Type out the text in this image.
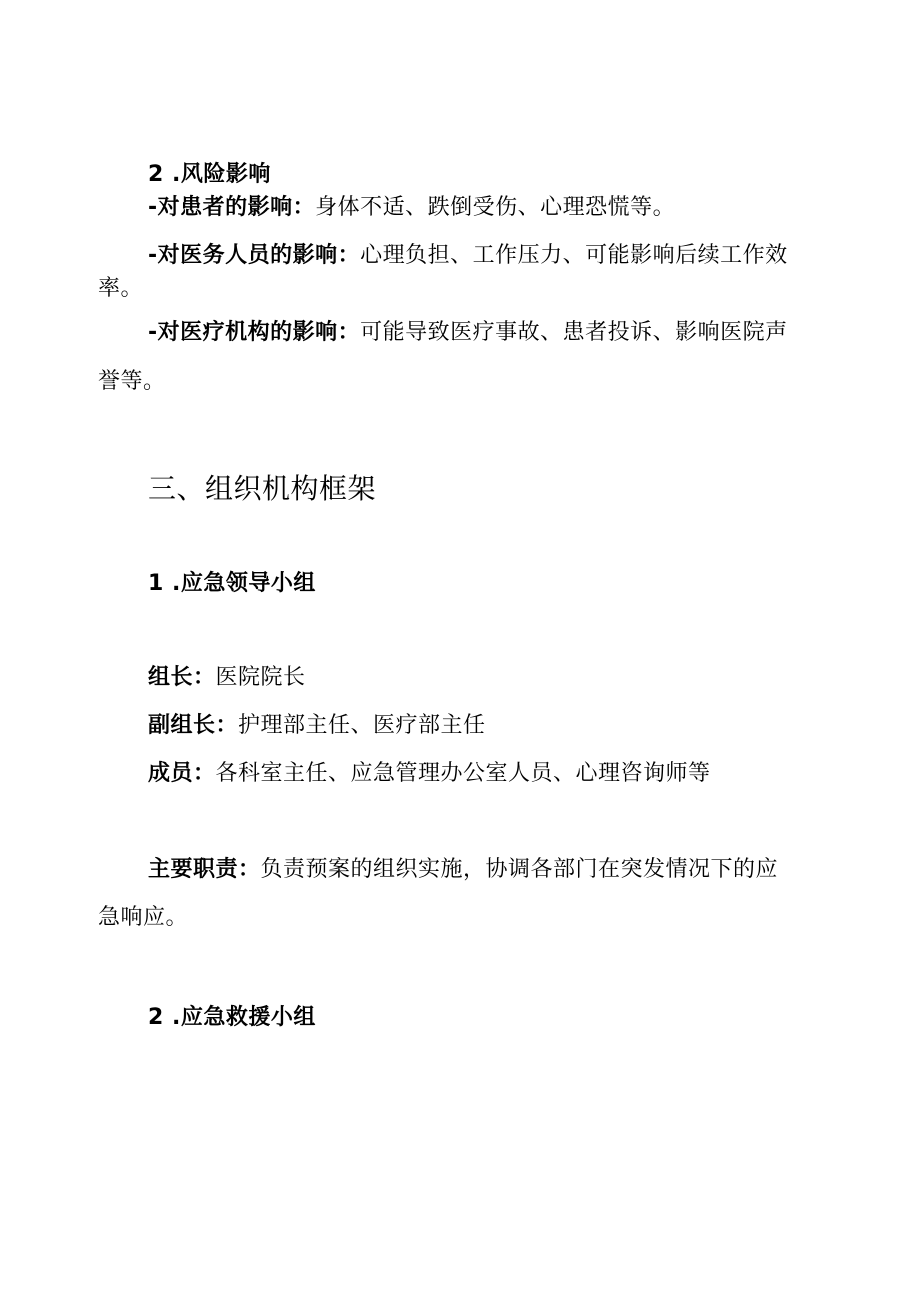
2 .风险影响
-对患者的影响：身体不适、跌倒受伤、心理恐慌等。
-对医务人员的影响：心理负担、工作压力、可能影响后续工作效
率。
-对医疗机构的影响：可能导致医疗事故、患者投诉、影响医院声
誉等。
三、组织机构框架
1 .应急领导小组
组长：医院院长
副组长：护理部主任、医疗部主任
成员：各科室主任、应急管理办公室人员、心理咨询师等
主要职责：负责预案的组织实施，协调各部门在突发情况下的应
急响应。
2 .应急救援小组
